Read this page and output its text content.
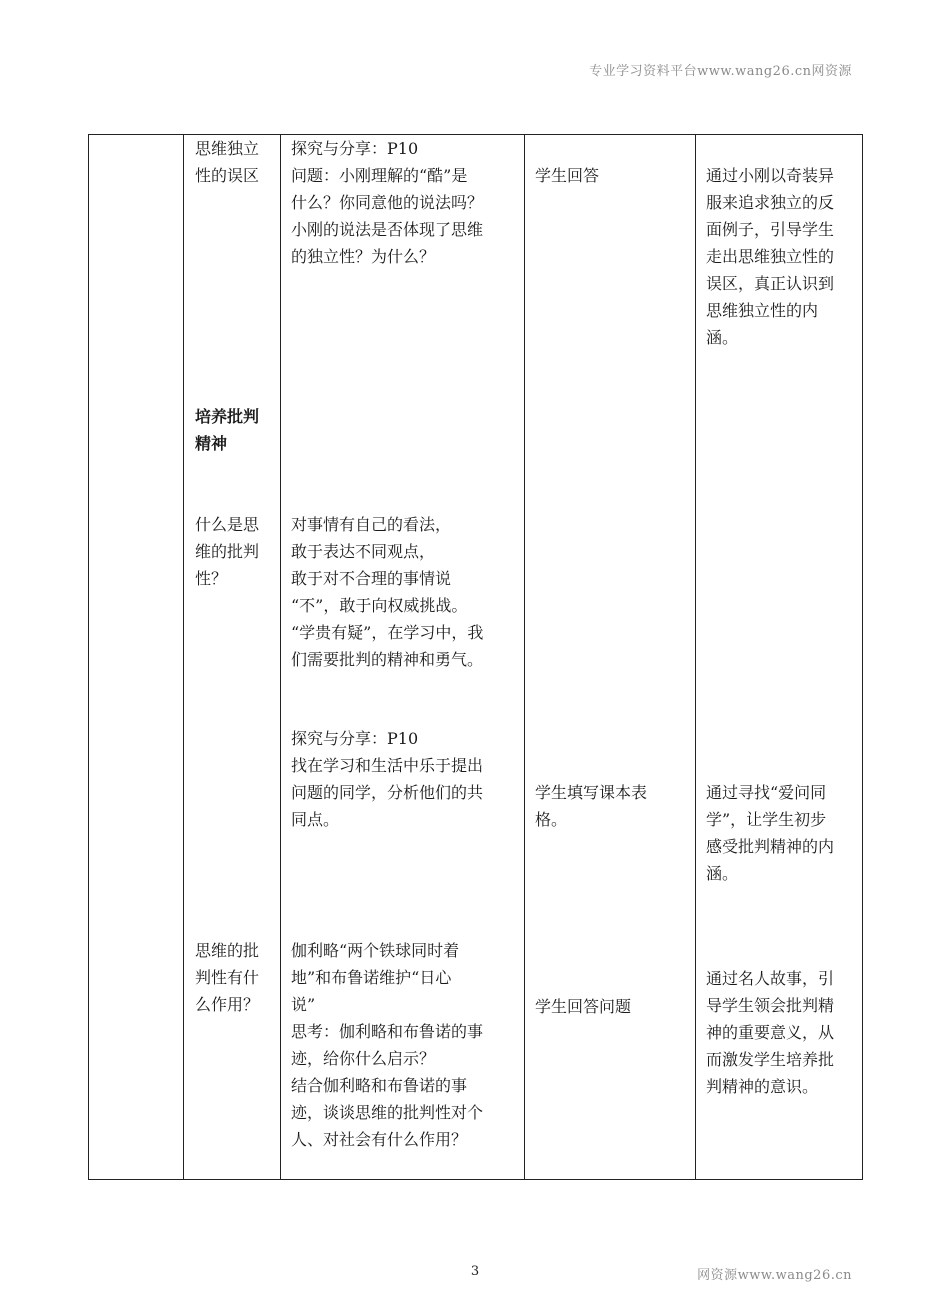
专业学习资料平台www.wang26.cn网资源
思维独立
性的误区
探究与分享：P10
问题：小刚理解的“酷”是
什么？你同意他的说法吗？
小刚的说法是否体现了思维
的独立性？为什么？
学生回答	通过小刚以奇装异
服来追求独立的反
面例子，引导学生
走出思维独立性的
误区，真正认识到
思维独立性的内
涵。
培养批判
精神
什么是思
维的批判
性？
对事情有自己的看法，
敢于表达不同观点，
敢于对不合理的事情说
“不”，敢于向权威挑战。
“学贵有疑”，在学习中，我
们需要批判的精神和勇气。
探究与分享：P10
找在学习和生活中乐于提出
问题的同学，分析他们的共
同点。
学生填写课本表
格。
通过寻找“爱问同
学”，让学生初步
感受批判精神的内
涵。
思维的批
判性有什
么作用？
伽利略“两个铁球同时着
地”和布鲁诺维护“日心
说”
思考：伽利略和布鲁诺的事
迹，给你什么启示？
结合伽利略和布鲁诺的事
迹，谈谈思维的批判性对个
人、对社会有什么作用？
学生回答问题
通过名人故事，引
导学生领会批判精
神的重要意义，从
而激发学生培养批
判精神的意识。
3	网资源www.wang26.cn
